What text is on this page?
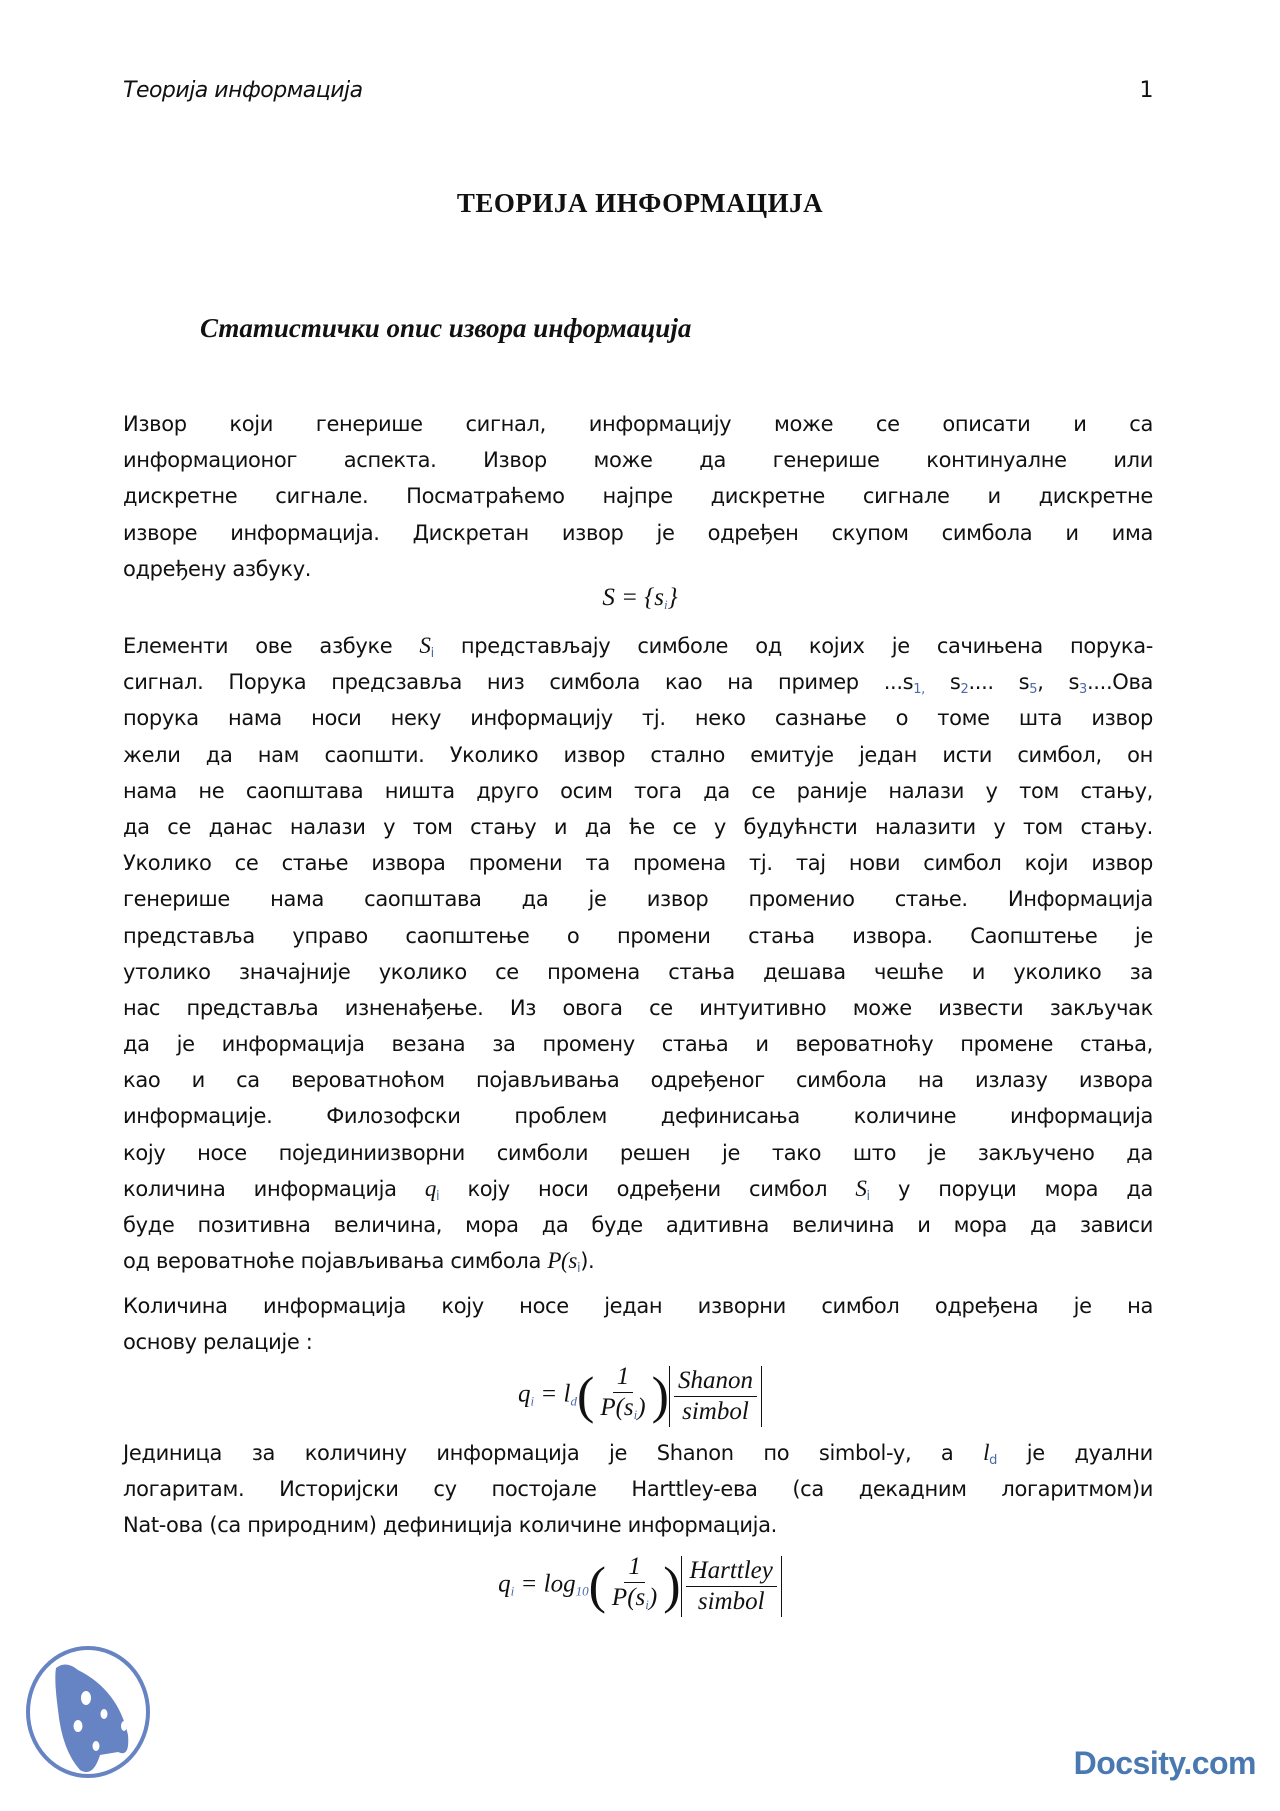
Теорија информација	1
ТЕОРИЈА ИНФОРМАЦИЈА
Статистички опис извора информација
Извор који генерише сигнал, информацију може се описати и са
информационог аспекта. Извор може да генерише континуалне или
дискретне сигнале. Посматраћемо најпре дискретне сигнале и дискретне
изворе информација. Дискретан извор је одређен скупом симбола и има
одређену азбуку.
$S = \{s_i\}$
Елементи ове азбуке $S_i$ представљају симболе од којих је сачињена порука-
сигнал. Порука предсзавља низ симбола као на пример $...s_{1,}$ $s_2$.... $s_5$, $s_3....Ова$
порука нама носи неку информацију тј. неко сазнање о томе шта извор
жели да нам саопшти. Уколико извор стално емитује један исти симбол, он
нама не саопштава ништа друго осим тога да се раније налази у том стању,
да се данас налази у том стању и да ће се у будућнсти налазити у том стању.
Уколико се стање извора промени та промена тј. тај нови симбол који извор
генерише нама саопштава да је извор променио стање. Информација
представља управо саопштење о промени стања извора. Саопштење је
утолико значајније уколико се промена стања дешава чешће и уколико за
нас представља изненађење. Из овога се интуитивно може извести закључак
да је информација везана за промену стања и вероватноћу промене стања,
као и са вероватноћом појављивања одређеног симбола на излазу извора
информације. Филозофски проблем дефинисања количине информација
коју носе појединиизворни симболи решен је тако што је закључено да
количина информација $q_i$ коју носи одређени симбол $S_i$ у поруци мора да
буде позитивна величина, мора да буде адитивна величина и мора да зависи
од вероватноће појављивања симбола $P(s_i)$.
Количина информација коју носе један изворни симбол одређена је на
основу релације :
$q_i = l_d( \frac{1}{P(s_i)}$ ) $\frac{\text{Shanon}}{\text{simbol}}$
Јединица за количину информација је Shanon по simbol-y, а $l_d$ је дуални
логаритам. Историјски су постојале Harttley-ева (са декадним логаритмом)и
Nat-ова (са природним) дефиниција количине информација.
$q_i = \log_{10}( \frac{1}{P(s_i)}$ ) $\frac{\text{Harttley}}{\text{simbol}}$
Docsity.com
